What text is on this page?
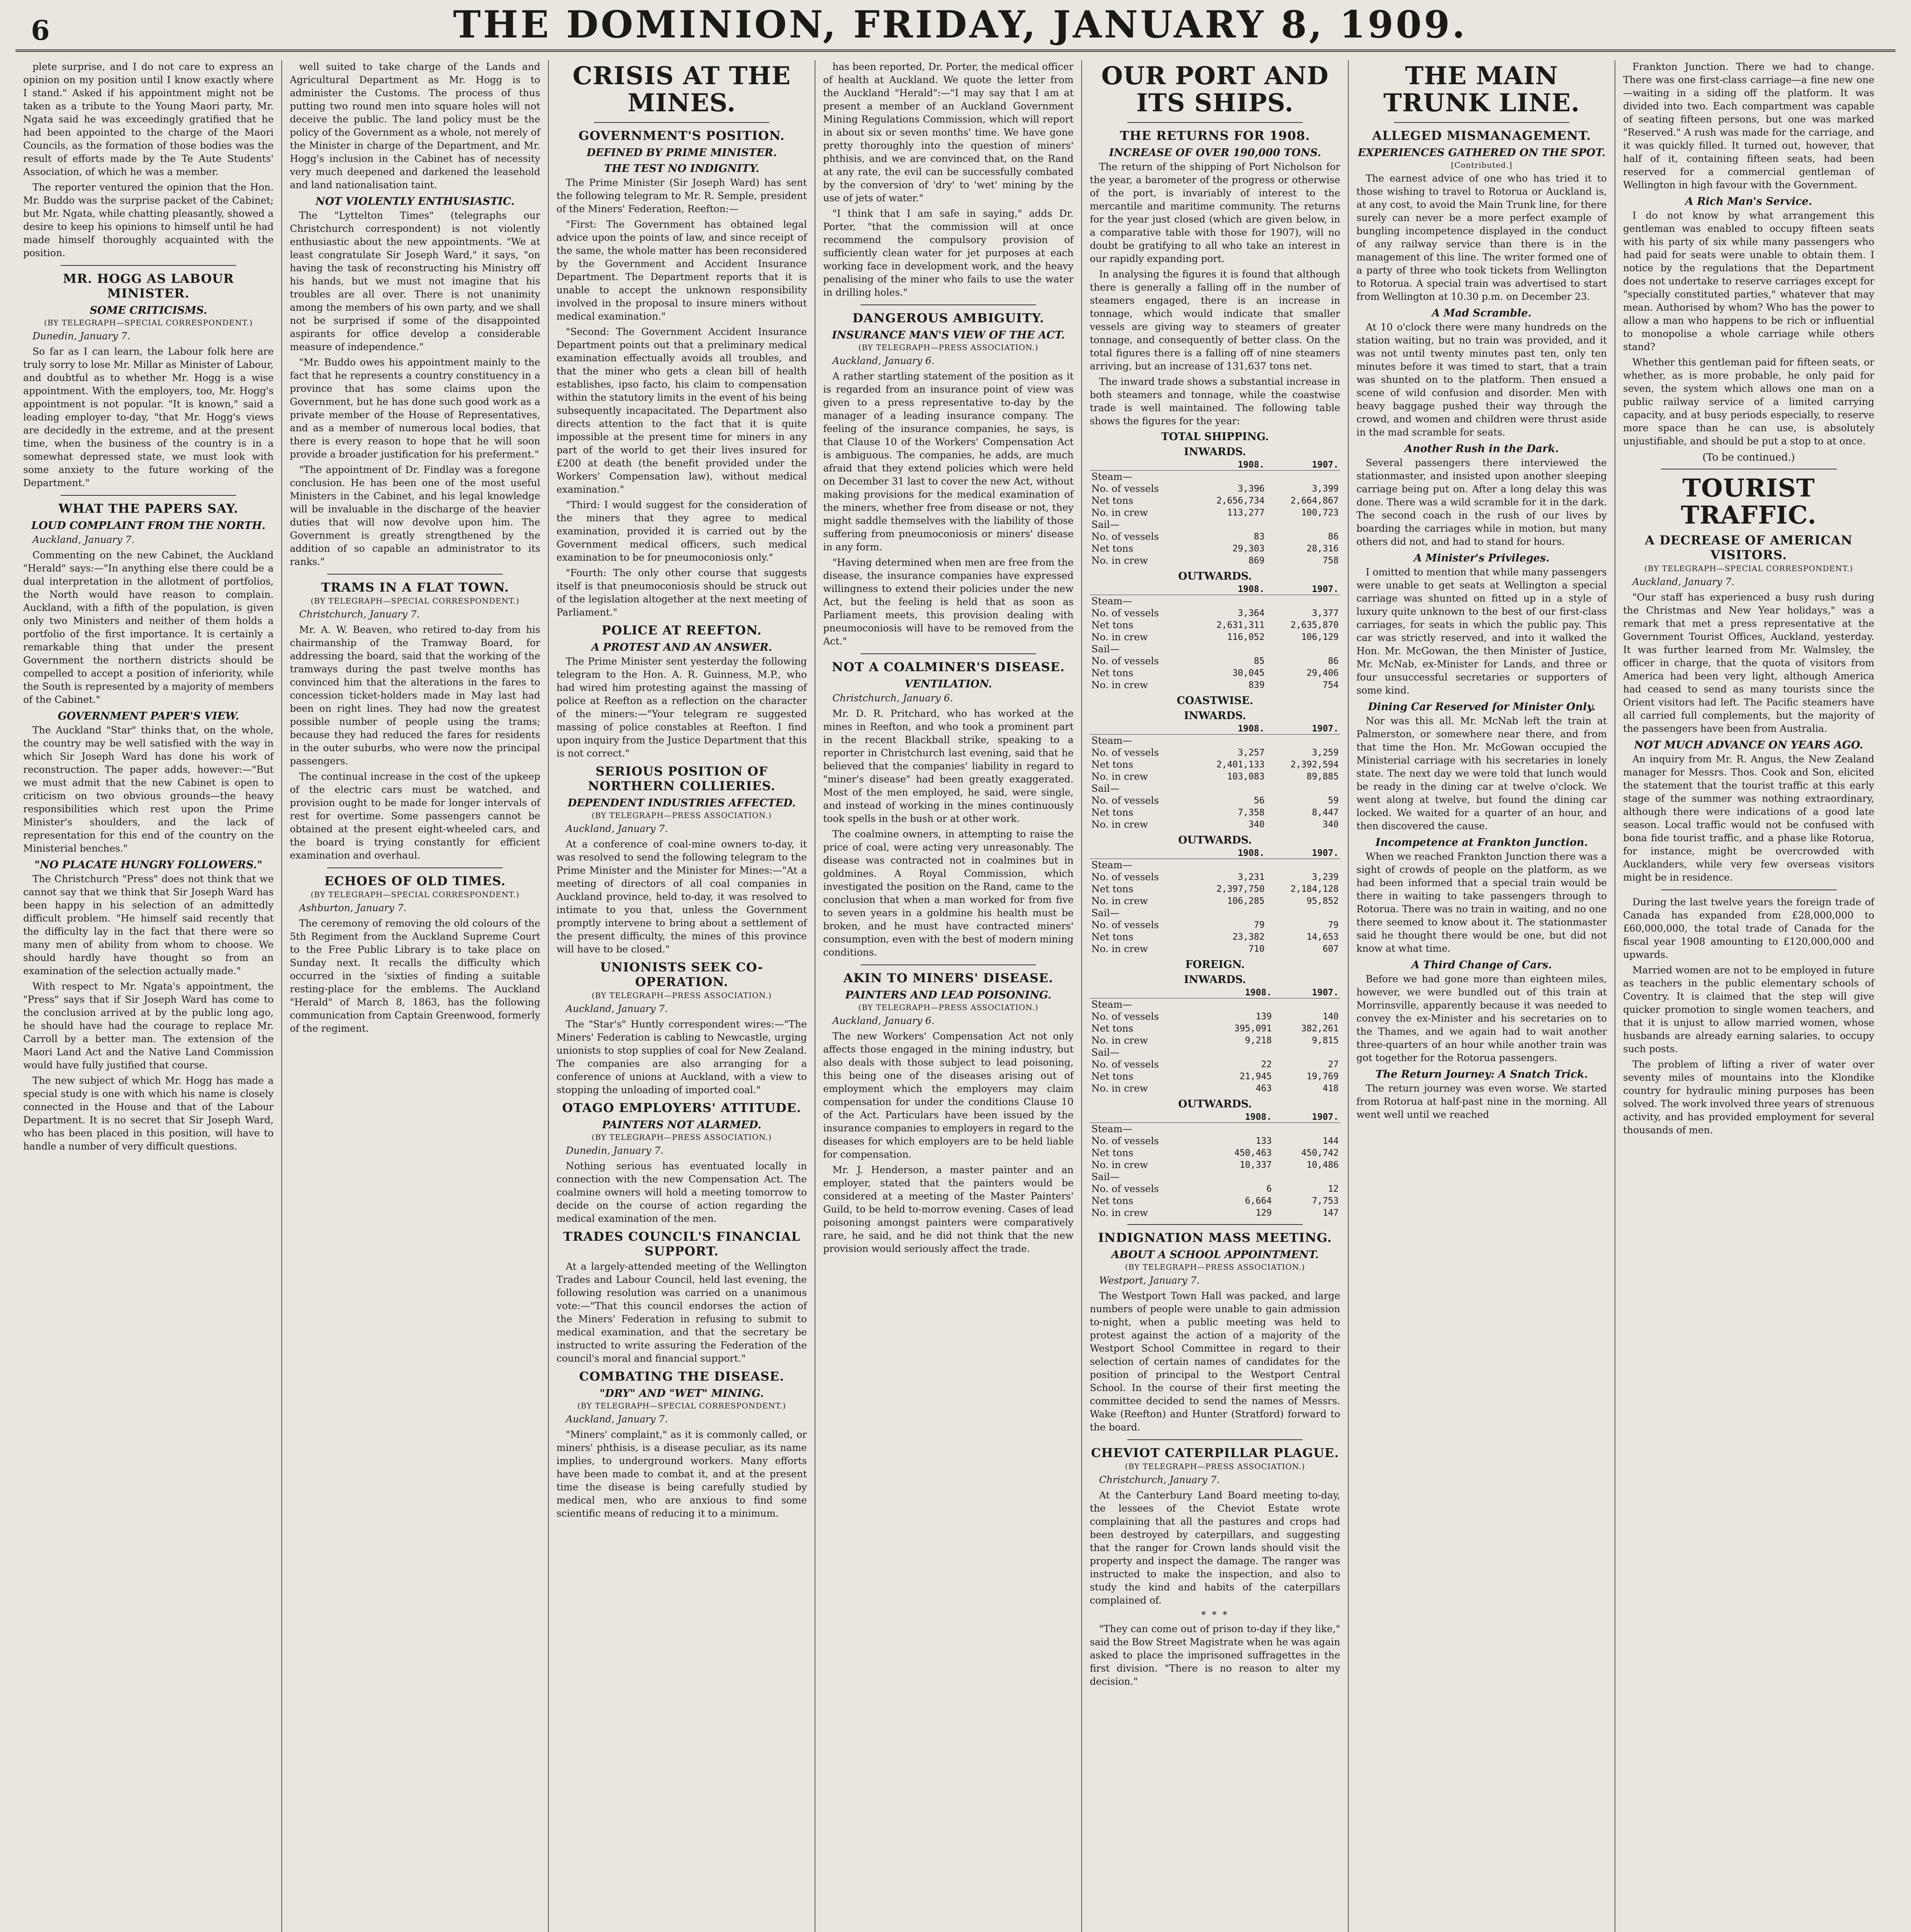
6	THE DOMINION, FRIDAY, JANUARY 8, 1909.

plete surprise, and I do not care to express an opinion on my position until I know exactly where I stand." Asked if his appointment might not be taken as a tribute to the Young Maori party, Mr. Ngata said he was exceedingly gratified that he had been appointed to the charge of the Maori Councils, as the formation of those bodies was the result of efforts made by the Te Aute Students' Association, of which he was a member.

The reporter ventured the opinion that the Hon. Mr. Buddo was the surprise packet of the Cabinet; but Mr. Ngata, while chatting pleasantly, showed a desire to keep his opinions to himself until he had made himself thoroughly acquainted with the position.

MR. HOGG AS LABOUR MINISTER.
SOME CRITICISMS.
(BY TELEGRAPH—SPECIAL CORRESPONDENT.)

Dunedin, January 7.

So far as I can learn, the Labour folk here are truly sorry to lose Mr. Millar as Minister of Labour, and doubtful as to whether Mr. Hogg is a wise appointment. With the employers, too, Mr. Hogg's appointment is not popular. "It is known," said a leading employer to-day, "that Mr. Hogg's views are decidedly in the extreme, and at the present time, when the business of the country is in a somewhat depressed state, we must look with some anxiety to the future working of the Department."

WHAT THE PAPERS SAY.
LOUD COMPLAINT FROM THE NORTH.

Auckland, January 7.

Commenting on the new Cabinet, the Auckland "Herald" says:—"In anything else there could be a dual interpretation in the allotment of portfolios, the North would have reason to complain. Auckland, with a fifth of the population, is given only two Ministers and neither of them holds a portfolio of the first importance. It is certainly a remarkable thing that under the present Government the northern districts should be compelled to accept a position of inferiority, while the South is represented by a majority of members of the Cabinet."

GOVERNMENT PAPER'S VIEW.

The Auckland "Star" thinks that, on the whole, the country may be well satisfied with the way in which Sir Joseph Ward has done his work of reconstruction. The paper adds, however:—"But we must admit that the new Cabinet is open to criticism on two obvious grounds—the heavy responsibilities which rest upon the Prime Minister's shoulders, and the lack of representation for this end of the country on the Ministerial benches."

"NO PLACATE HUNGRY FOLLOWERS."

The Christchurch "Press" does not think that we cannot say that we think that Sir Joseph Ward has been happy in his selection of an admittedly difficult problem. "He himself said recently that the difficulty lay in the fact that there were so many men of ability from whom to choose. We should hardly have thought so from an examination of the selection actually made."

With respect to Mr. Ngata's appointment, the "Press" says that if Sir Joseph Ward has come to the conclusion arrived at by the public long ago, he should have had the courage to replace Mr. Carroll by a better man. The extension of the Maori Land Act and the Native Land Commission would have fully justified that course.

The new subject of which Mr. Hogg has made a special study is one with which his name is closely connected in the House and that of the Labour Department. It is no secret that Sir Joseph Ward, who has been placed in this position, will have to handle a number of very difficult questions.

well suited to take charge of the Lands and Agricultural Department as Mr. Hogg is to administer the Customs. The process of thus putting two round men into square holes will not deceive the public. The land policy must be the policy of the Government as a whole, not merely of the Minister in charge of the Department, and Mr. Hogg's inclusion in the Cabinet has of necessity very much deepened and darkened the leasehold and land nationalisation taint.

NOT VIOLENTLY ENTHUSIASTIC.

The "Lyttelton Times" (telegraphs our Christchurch correspondent) is not violently enthusiastic about the new appointments. "We at least congratulate Sir Joseph Ward," it says, "on having the task of reconstructing his Ministry off his hands, but we must not imagine that his troubles are all over. There is not unanimity among the members of his own party, and we shall not be surprised if some of the disappointed aspirants for office develop a considerable measure of independence."

"Mr. Buddo owes his appointment mainly to the fact that he represents a country constituency in a province that has some claims upon the Government, but he has done such good work as a private member of the House of Representatives, and as a member of numerous local bodies, that there is every reason to hope that he will soon provide a broader justification for his preferment."

"The appointment of Dr. Findlay was a foregone conclusion. He has been one of the most useful Ministers in the Cabinet, and his legal knowledge will be invaluable in the discharge of the heavier duties that will now devolve upon him. The Government is greatly strengthened by the addition of so capable an administrator to its ranks."

TRAMS IN A FLAT TOWN.
(BY TELEGRAPH—SPECIAL CORRESPONDENT.)

Christchurch, January 7.

Mr. A. W. Beaven, who retired to-day from his chairmanship of the Tramway Board, for addressing the board, said that the working of the tramways during the past twelve months has convinced him that the alterations in the fares to concession ticket-holders made in May last had been on right lines. They had now the greatest possible number of people using the trams; because they had reduced the fares for residents in the outer suburbs, who were now the principal passengers.

The continual increase in the cost of the upkeep of the electric cars must be watched, and provision ought to be made for longer intervals of rest for overtime. Some passengers cannot be obtained at the present eight-wheeled cars, and the board is trying constantly for efficient examination and overhaul.

ECHOES OF OLD TIMES.
(BY TELEGRAPH—SPECIAL CORRESPONDENT.)

Ashburton, January 7.

The ceremony of removing the old colours of the 5th Regiment from the Auckland Supreme Court to the Free Public Library is to take place on Sunday next. It recalls the difficulty which occurred in the 'sixties of finding a suitable resting-place for the emblems. The Auckland "Herald" of March 8, 1863, has the following communication from Captain Greenwood, formerly of the regiment.

CRISIS AT THE MINES.
GOVERNMENT'S POSITION.
DEFINED BY PRIME MINISTER.
THE TEST NO INDIGNITY.

The Prime Minister (Sir Joseph Ward) has sent the following telegram to Mr. R. Semple, president of the Miners' Federation, Reefton:—

"First: The Government has obtained legal advice upon the points of law, and since receipt of the same, the whole matter has been reconsidered by the Government and Accident Insurance Department. The Department reports that it is unable to accept the unknown responsibility involved in the proposal to insure miners without medical examination."

"Second: The Government Accident Insurance Department points out that a preliminary medical examination effectually avoids all troubles, and that the miner who gets a clean bill of health establishes, ipso facto, his claim to compensation within the statutory limits in the event of his being subsequently incapacitated. The Department also directs attention to the fact that it is quite impossible at the present time for miners in any part of the world to get their lives insured for £200 at death (the benefit provided under the Workers' Compensation law), without medical examination."

"Third: I would suggest for the consideration of the miners that they agree to medical examination, provided it is carried out by the Government medical officers, such medical examination to be for pneumoconiosis only."

"Fourth: The only other course that suggests itself is that pneumoconiosis should be struck out of the legislation altogether at the next meeting of Parliament."

POLICE AT REEFTON.
A PROTEST AND AN ANSWER.

The Prime Minister sent yesterday the following telegram to the Hon. A. R. Guinness, M.P., who had wired him protesting against the massing of police at Reefton as a reflection on the character of the miners:—"Your telegram re suggested massing of police constables at Reefton. I find upon inquiry from the Justice Department that this is not correct."

SERIOUS POSITION OF NORTHERN COLLIERIES.
DEPENDENT INDUSTRIES AFFECTED.
(BY TELEGRAPH—PRESS ASSOCIATION.)

Auckland, January 7.

At a conference of coal-mine owners to-day, it was resolved to send the following telegram to the Prime Minister and the Minister for Mines:—"At a meeting of directors of all coal companies in Auckland province, held to-day, it was resolved to intimate to you that, unless the Government promptly intervene to bring about a settlement of the present difficulty, the mines of this province will have to be closed."

UNIONISTS SEEK CO-OPERATION.
(BY TELEGRAPH—PRESS ASSOCIATION.)

Auckland, January 7.

The "Star's" Huntly correspondent wires:—"The Miners' Federation is cabling to Newcastle, urging unionists to stop supplies of coal for New Zealand. The companies are also arranging for a conference of unions at Auckland, with a view to stopping the unloading of imported coal."

OTAGO EMPLOYERS' ATTITUDE.
PAINTERS NOT ALARMED.
(BY TELEGRAPH—PRESS ASSOCIATION.)

Dunedin, January 7.

Nothing serious has eventuated locally in connection with the new Compensation Act. The coalmine owners will hold a meeting tomorrow to decide on the course of action regarding the medical examination of the men.

TRADES COUNCIL'S FINANCIAL SUPPORT.

At a largely-attended meeting of the Wellington Trades and Labour Council, held last evening, the following resolution was carried on a unanimous vote:—"That this council endorses the action of the Miners' Federation in refusing to submit to medical examination, and that the secretary be instructed to write assuring the Federation of the council's moral and financial support."

COMBATING THE DISEASE.
"DRY" AND "WET" MINING.
(BY TELEGRAPH—SPECIAL CORRESPONDENT.)

Auckland, January 7.

"Miners' complaint," as it is commonly called, or miners' phthisis, is a disease peculiar, as its name implies, to underground workers. Many efforts have been made to combat it, and at the present time the disease is being carefully studied by medical men, who are anxious to find some scientific means of reducing it to a minimum.

has been reported, Dr. Porter, the medical officer of health at Auckland. We quote the letter from the Auckland "Herald":—"I may say that I am at present a member of an Auckland Government Mining Regulations Commission, which will report in about six or seven months' time. We have gone pretty thoroughly into the question of miners' phthisis, and we are convinced that, on the Rand at any rate, the evil can be successfully combated by the conversion of 'dry' to 'wet' mining by the use of jets of water."

"I think that I am safe in saying," adds Dr. Porter, "that the commission will at once recommend the compulsory provision of sufficiently clean water for jet purposes at each working face in development work, and the heavy penalising of the miner who fails to use the water in drilling holes."

DANGEROUS AMBIGUITY.
INSURANCE MAN'S VIEW OF THE ACT.
(BY TELEGRAPH—PRESS ASSOCIATION.)

Auckland, January 6.

A rather startling statement of the position as it is regarded from an insurance point of view was given to a press representative to-day by the manager of a leading insurance company. The feeling of the insurance companies, he says, is that Clause 10 of the Workers' Compensation Act is ambiguous. The companies, he adds, are much afraid that they extend policies which were held on December 31 last to cover the new Act, without making provisions for the medical examination of the miners, whether free from disease or not, they might saddle themselves with the liability of those suffering from pneumoconiosis or miners' disease in any form.

"Having determined when men are free from the disease, the insurance companies have expressed willingness to extend their policies under the new Act, but the feeling is held that as soon as Parliament meets, this provision dealing with pneumoconiosis will have to be removed from the Act."

NOT A COALMINER'S DISEASE.
VENTILATION.

Christchurch, January 6.

Mr. D. R. Pritchard, who has worked at the mines in Reefton, and who took a prominent part in the recent Blackball strike, speaking to a reporter in Christchurch last evening, said that he believed that the companies' liability in regard to "miner's disease" had been greatly exaggerated. Most of the men employed, he said, were single, and instead of working in the mines continuously took spells in the bush or at other work.

The coalmine owners, in attempting to raise the price of coal, were acting very unreasonably. The disease was contracted not in coalmines but in goldmines. A Royal Commission, which investigated the position on the Rand, came to the conclusion that when a man worked for from five to seven years in a goldmine his health must be broken, and he must have contracted miners' consumption, even with the best of modern mining conditions.

AKIN TO MINERS' DISEASE.
PAINTERS AND LEAD POISONING.
(BY TELEGRAPH—PRESS ASSOCIATION.)

Auckland, January 6.

The new Workers' Compensation Act not only affects those engaged in the mining industry, but also deals with those subject to lead poisoning, this being one of the diseases arising out of employment which the employers may claim compensation for under the conditions Clause 10 of the Act. Particulars have been issued by the insurance companies to employers in regard to the diseases for which employers are to be held liable for compensation.

Mr. J. Henderson, a master painter and an employer, stated that the painters would be considered at a meeting of the Master Painters' Guild, to be held to-morrow evening. Cases of lead poisoning amongst painters were comparatively rare, he said, and he did not think that the new provision would seriously affect the trade.

OUR PORT AND ITS SHIPS.
THE RETURNS FOR 1908.
INCREASE OF OVER 190,000 TONS.

The return of the shipping of Port Nicholson for the year, a barometer of the progress or otherwise of the port, is invariably of interest to the mercantile and maritime community. The returns for the year just closed (which are given below, in a comparative table with those for 1907), will no doubt be gratifying to all who take an interest in our rapidly expanding port.

In analysing the figures it is found that although there is generally a falling off in the number of steamers engaged, there is an increase in tonnage, which would indicate that smaller vessels are giving way to steamers of greater tonnage, and consequently of better class. On the total figures there is a falling off of nine steamers arriving, but an increase of 131,637 tons net.

The inward trade shows a substantial increase in both steamers and tonnage, while the coastwise trade is well maintained. The following table shows the figures for the year:

TOTAL SHIPPING.
INWARDS.
	1908.	1907.
Steam—		
No. of vessels	3,396	3,399
Net tons	2,656,734	2,664,867
No. in crew	113,277	100,723
Sail—		
No. of vessels	83	86
Net tons	29,303	28,316
No. in crew	869	758
OUTWARDS.
	1908.	1907.
Steam—		
No. of vessels	3,364	3,377
Net tons	2,631,311	2,635,870
No. in crew	116,052	106,129
Sail—		
No. of vessels	85	86
Net tons	30,045	29,406
No. in crew	839	754
COASTWISE.
INWARDS.
	1908.	1907.
Steam—		
No. of vessels	3,257	3,259
Net tons	2,401,133	2,392,594
No. in crew	103,083	89,885
Sail—		
No. of vessels	56	59
Net tons	7,358	8,447
No. in crew	340	340
OUTWARDS.
	1908.	1907.
Steam—		
No. of vessels	3,231	3,239
Net tons	2,397,750	2,184,128
No. in crew	106,285	95,852
Sail—		
No. of vessels	79	79
Net tons	23,382	14,653
No. in crew	710	607
FOREIGN.
INWARDS.
	1908.	1907.
Steam—		
No. of vessels	139	140
Net tons	395,091	382,261
No. in crew	9,218	9,815
Sail—		
No. of vessels	22	27
Net tons	21,945	19,769
No. in crew	463	418
OUTWARDS.
	1908.	1907.
Steam—		
No. of vessels	133	144
Net tons	450,463	450,742
No. in crew	10,337	10,486
Sail—		
No. of vessels	6	12
Net tons	6,664	7,753
No. in crew	129	147
INDIGNATION MASS MEETING.
ABOUT A SCHOOL APPOINTMENT.
(BY TELEGRAPH—PRESS ASSOCIATION.)

Westport, January 7.

The Westport Town Hall was packed, and large numbers of people were unable to gain admission to-night, when a public meeting was held to protest against the action of a majority of the Westport School Committee in regard to their selection of certain names of candidates for the position of principal to the Westport Central School. In the course of their first meeting the committee decided to send the names of Messrs. Wake (Reefton) and Hunter (Stratford) forward to the board.

CHEVIOT CATERPILLAR PLAGUE.
(BY TELEGRAPH—PRESS ASSOCIATION.)

Christchurch, January 7.

At the Canterbury Land Board meeting to-day, the lessees of the Cheviot Estate wrote complaining that all the pastures and crops had been destroyed by caterpillars, and suggesting that the ranger for Crown lands should visit the property and inspect the damage. The ranger was instructed to make the inspection, and also to study the kind and habits of the caterpillars complained of.

* * *

"They can come out of prison to-day if they like," said the Bow Street Magistrate when he was again asked to place the imprisoned suffragettes in the first division. "There is no reason to alter my decision."

THE MAIN TRUNK LINE.
ALLEGED MISMANAGEMENT.
EXPERIENCES GATHERED ON THE SPOT.
[Contributed.]

The earnest advice of one who has tried it to those wishing to travel to Rotorua or Auckland is, at any cost, to avoid the Main Trunk line, for there surely can never be a more perfect example of bungling incompetence displayed in the conduct of any railway service than there is in the management of this line. The writer formed one of a party of three who took tickets from Wellington to Rotorua. A special train was advertised to start from Wellington at 10.30 p.m. on December 23.

A Mad Scramble.

At 10 o'clock there were many hundreds on the station waiting, but no train was provided, and it was not until twenty minutes past ten, only ten minutes before it was timed to start, that a train was shunted on to the platform. Then ensued a scene of wild confusion and disorder. Men with heavy baggage pushed their way through the crowd, and women and children were thrust aside in the mad scramble for seats.

Another Rush in the Dark.

Several passengers there interviewed the stationmaster, and insisted upon another sleeping carriage being put on. After a long delay this was done. There was a wild scramble for it in the dark. The second coach in the rush of our lives by boarding the carriages while in motion, but many others did not, and had to stand for hours.

A Minister's Privileges.

I omitted to mention that while many passengers were unable to get seats at Wellington a special carriage was shunted on fitted up in a style of luxury quite unknown to the best of our first-class carriages, for seats in which the public pay. This car was strictly reserved, and into it walked the Hon. Mr. McGowan, the then Minister of Justice, Mr. McNab, ex-Minister for Lands, and three or four unsuccessful secretaries or supporters of some kind.

Dining Car Reserved for Minister Only.

Nor was this all. Mr. McNab left the train at Palmerston, or somewhere near there, and from that time the Hon. Mr. McGowan occupied the Ministerial carriage with his secretaries in lonely state. The next day we were told that lunch would be ready in the dining car at twelve o'clock. We went along at twelve, but found the dining car locked. We waited for a quarter of an hour, and then discovered the cause.

Incompetence at Frankton Junction.

When we reached Frankton Junction there was a sight of crowds of people on the platform, as we had been informed that a special train would be there in waiting to take passengers through to Rotorua. There was no train in waiting, and no one there seemed to know about it. The stationmaster said he thought there would be one, but did not know at what time.

A Third Change of Cars.

Before we had gone more than eighteen miles, however, we were bundled out of this train at Morrinsville, apparently because it was needed to convey the ex-Minister and his secretaries on to the Thames, and we again had to wait another three-quarters of an hour while another train was got together for the Rotorua passengers.

The Return Journey: A Snatch Trick.

The return journey was even worse. We started from Rotorua at half-past nine in the morning. All went well until we reached

Frankton Junction. There we had to change. There was one first-class carriage—a fine new one—waiting in a siding off the platform. It was divided into two. Each compartment was capable of seating fifteen persons, but one was marked "Reserved." A rush was made for the carriage, and it was quickly filled. It turned out, however, that half of it, containing fifteen seats, had been reserved for a commercial gentleman of Wellington in high favour with the Government.

A Rich Man's Service.

I do not know by what arrangement this gentleman was enabled to occupy fifteen seats with his party of six while many passengers who had paid for seats were unable to obtain them. I notice by the regulations that the Department does not undertake to reserve carriages except for "specially constituted parties," whatever that may mean. Authorised by whom? Who has the power to allow a man who happens to be rich or influential to monopolise a whole carriage while others stand?

Whether this gentleman paid for fifteen seats, or whether, as is more probable, he only paid for seven, the system which allows one man on a public railway service of a limited carrying capacity, and at busy periods especially, to reserve more space than he can use, is absolutely unjustifiable, and should be put a stop to at once.

(To be continued.)
TOURIST TRAFFIC.
A DECREASE OF AMERICAN VISITORS.
(BY TELEGRAPH—SPECIAL CORRESPONDENT.)

Auckland, January 7.

"Our staff has experienced a busy rush during the Christmas and New Year holidays," was a remark that met a press representative at the Government Tourist Offices, Auckland, yesterday. It was further learned from Mr. Walmsley, the officer in charge, that the quota of visitors from America had been very light, although America had ceased to send as many tourists since the Orient visitors had left. The Pacific steamers have all carried full complements, but the majority of the passengers have been from Australia.

NOT MUCH ADVANCE ON YEARS AGO.

An inquiry from Mr. R. Angus, the New Zealand manager for Messrs. Thos. Cook and Son, elicited the statement that the tourist traffic at this early stage of the summer was nothing extraordinary, although there were indications of a good late season. Local traffic would not be confused with bona fide tourist traffic, and a phase like Rotorua, for instance, might be overcrowded with Aucklanders, while very few overseas visitors might be in residence.

During the last twelve years the foreign trade of Canada has expanded from £28,000,000 to £60,000,000, the total trade of Canada for the fiscal year 1908 amounting to £120,000,000 and upwards.

Married women are not to be employed in future as teachers in the public elementary schools of Coventry. It is claimed that the step will give quicker promotion to single women teachers, and that it is unjust to allow married women, whose husbands are already earning salaries, to occupy such posts.

The problem of lifting a river of water over seventy miles of mountains into the Klondike country for hydraulic mining purposes has been solved. The work involved three years of strenuous activity, and has provided employment for several thousands of men.
